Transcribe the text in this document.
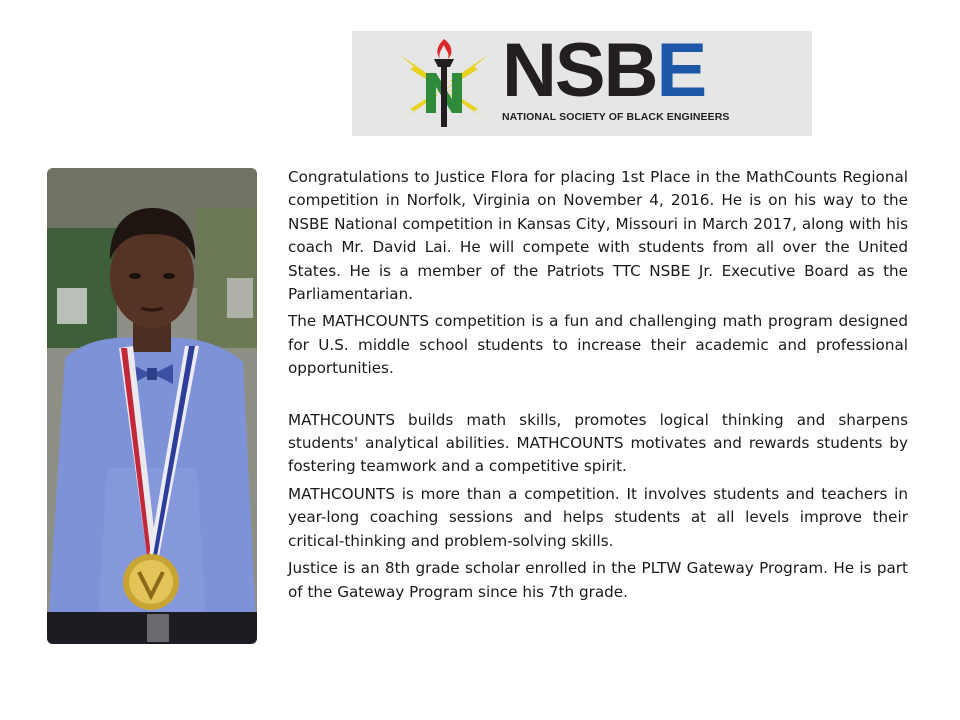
NSBE
NATIONAL SOCIETY OF BLACK ENGINEERS

Congratulations to Justice Flora for placing 1st Place in the MathCounts Regional competition in Norfolk, Virginia on November 4, 2016. He is on his way to the NSBE National competition in Kansas City, Missouri in March 2017, along with his coach Mr. David Lai. He will compete with students from all over the United States. He is a member of the Patriots TTC NSBE Jr. Executive Board as the Parliamentarian.

The MATHCOUNTS competition is a fun and challenging math program designed for U.S. middle school students to increase their academic and professional opportunities.

MATHCOUNTS builds math skills, promotes logical thinking and sharpens students' analytical abilities. MATHCOUNTS motivates and rewards students by fostering teamwork and a competitive spirit.

MATHCOUNTS is more than a competition. It involves students and teachers in year-long coaching sessions and helps students at all levels improve their critical-thinking and problem-solving skills.

Justice is an 8th grade scholar enrolled in the PLTW Gateway Program. He is part of the Gateway Program since his 7th grade.
